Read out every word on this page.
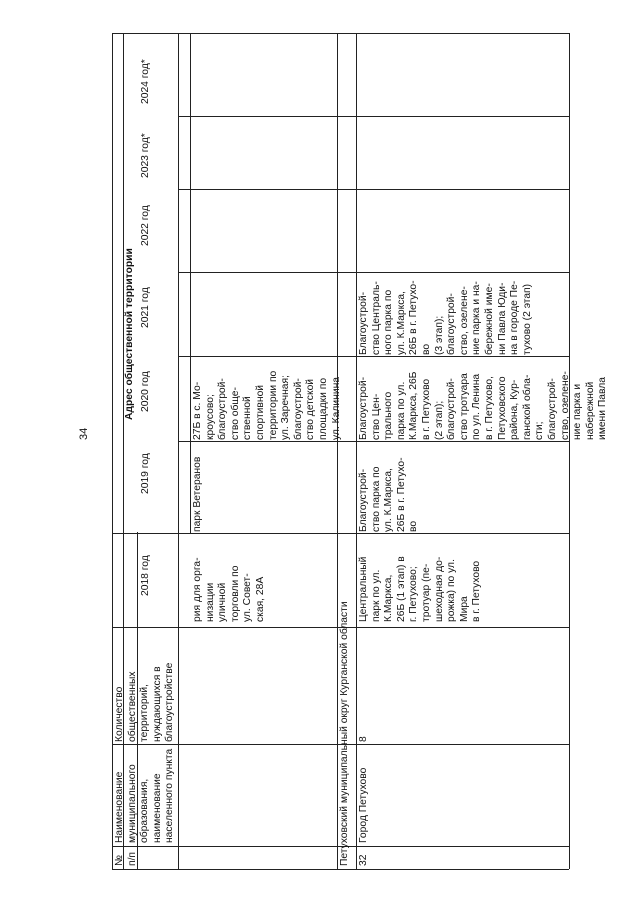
34
№
п/п
Наименование
муниципального
образования,
наименование
населенного пункта
Количество
общественных
территорий,
нуждающихся в
благоустройстве
Адрес общественной территории
2018 год
2019 год
2020 год
2021 год
2022 год
2023 год*
2024 год*
рия для орга-
низации
уличной
торговли по
ул. Совет-
ская, 28А
парк Ветеранов
27Б в с. Мо-
кроусово;
благоустрой-
ство обще-
ственной
спортивной
территории по
ул. Заречная;
благоустрой-
ство детской
площадки по
ул. Калинина
Петуховский муниципальный округ Курганской области 32
Город Петухово
8
Центральный
парк по ул.
К.Маркса,
26Б (1 этап) в
г. Петухово;
тротуар (пе-
шеходная до-
рожка) по ул.
Мира
в г. Петухово
Благоустрой-
ство парка по
ул. К.Маркса,
26Б в г. Петухо-
во
Благоустрой-
ство Цен-
трального
парка по ул.
К.Маркса, 26Б
в г. Петухово
(2 этап);
благоустрой-
ство тротуара
по ул. Ленина
в г. Петухово,
Петуховского
района, Кур-
ганской обла-
сти;
благоустрой-
ство, озелене-
ние парка и
набережной
имени Павла
Благоустрой-
ство Централь-
ного парка по
ул. К.Маркса,
26Б в г. Петухо-
во
(3 этап);
благоустрой-
ство, озелене-
ние парка и на-
бережной име-
ни Павла Юди-
на в городе Пе-
тухово (2 этап)
